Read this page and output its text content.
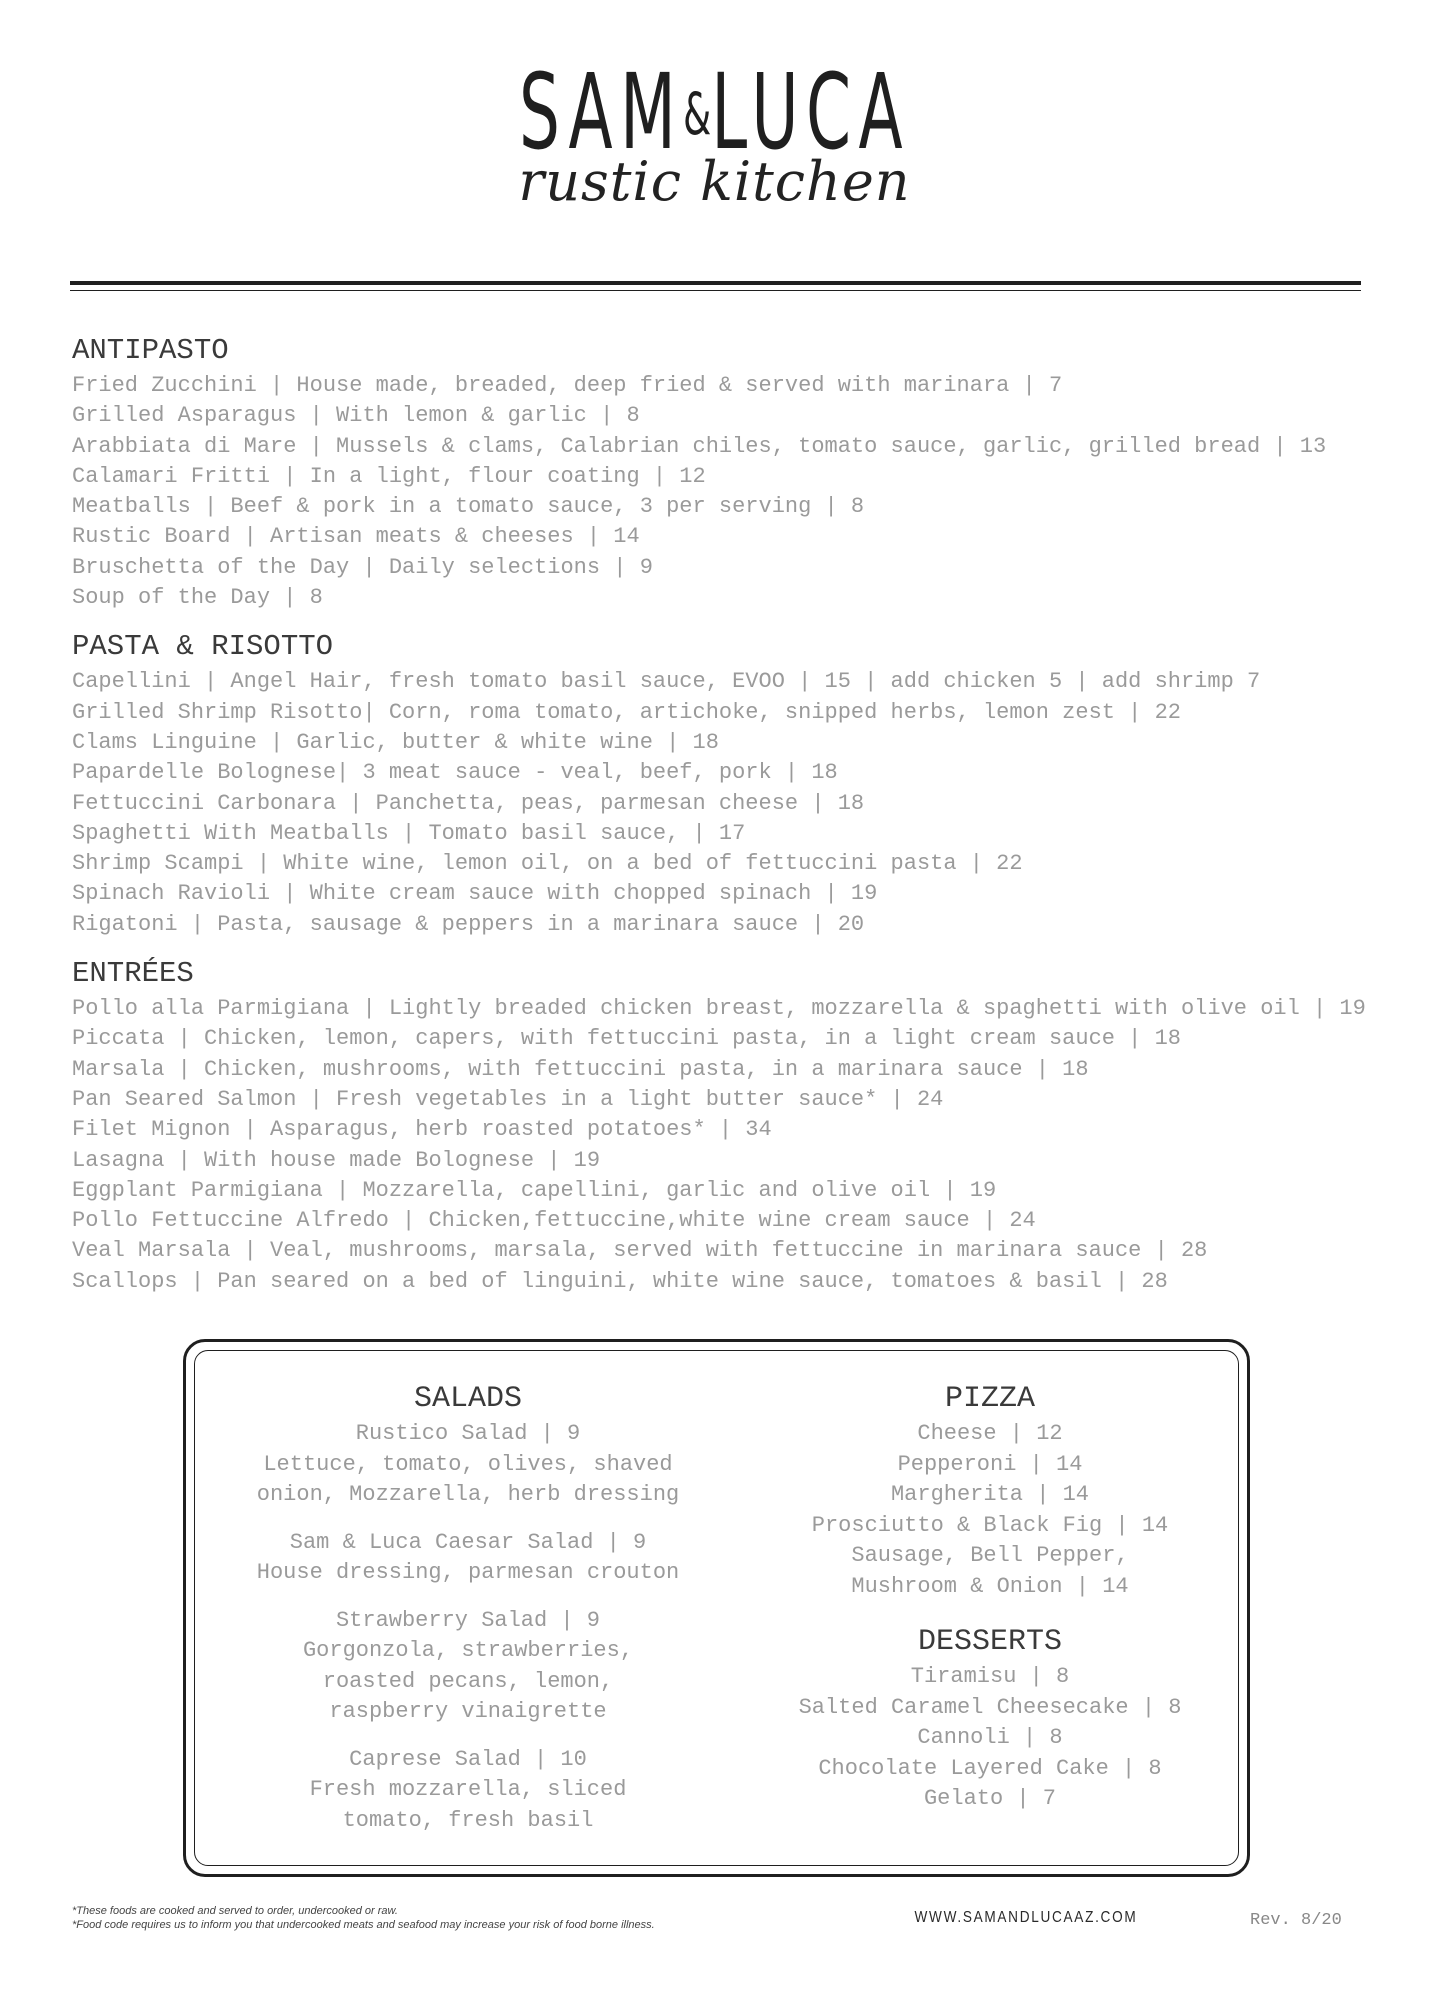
SAM&LUCA
rustic kitchen
ANTIPASTO
Fried Zucchini | House made, breaded, deep fried & served with marinara | 7
Grilled Asparagus | With lemon & garlic | 8
Arabbiata di Mare | Mussels & clams, Calabrian chiles, tomato sauce, garlic, grilled bread | 13
Calamari Fritti | In a light, flour coating | 12
Meatballs | Beef & pork in a tomato sauce, 3 per serving | 8
Rustic Board | Artisan meats & cheeses | 14
Bruschetta of the Day | Daily selections | 9
Soup of the Day | 8
PASTA & RISOTTO
Capellini | Angel Hair, fresh tomato basil sauce, EVOO | 15 | add chicken 5 | add shrimp 7
Grilled Shrimp Risotto| Corn, roma tomato, artichoke, snipped herbs, lemon zest | 22
Clams Linguine | Garlic, butter & white wine | 18
Papardelle Bolognese| 3 meat sauce - veal, beef, pork | 18
Fettuccini Carbonara | Panchetta, peas, parmesan cheese | 18
Spaghetti With Meatballs | Tomato basil sauce, | 17
Shrimp Scampi | White wine, lemon oil, on a bed of fettuccini pasta | 22
Spinach Ravioli | White cream sauce with chopped spinach | 19
Rigatoni | Pasta, sausage & peppers in a marinara sauce | 20
ENTRÉES
Pollo alla Parmigiana | Lightly breaded chicken breast, mozzarella & spaghetti with olive oil | 19
Piccata | Chicken, lemon, capers, with fettuccini pasta, in a light cream sauce | 18
Marsala | Chicken, mushrooms, with fettuccini pasta, in a marinara sauce | 18
Pan Seared Salmon | Fresh vegetables in a light butter sauce* | 24
Filet Mignon | Asparagus, herb roasted potatoes* | 34
Lasagna | With house made Bolognese | 19
Eggplant Parmigiana | Mozzarella, capellini, garlic and olive oil | 19
Pollo Fettuccine Alfredo | Chicken,fettuccine,white wine cream sauce | 24
Veal Marsala | Veal, mushrooms, marsala, served with fettuccine in marinara sauce | 28
Scallops | Pan seared on a bed of linguini, white wine sauce, tomatoes & basil | 28
SALADS
Rustico Salad | 9
Lettuce, tomato, olives, shaved
onion, Mozzarella, herb dressing
Sam & Luca Caesar Salad | 9
House dressing, parmesan crouton
Strawberry Salad | 9
Gorgonzola, strawberries,
roasted pecans, lemon,
raspberry vinaigrette
Caprese Salad | 10
Fresh mozzarella, sliced
tomato, fresh basil
PIZZA
Cheese | 12
Pepperoni | 14
Margherita | 14
Prosciutto & Black Fig | 14
Sausage, Bell Pepper,
Mushroom & Onion | 14
DESSERTS
Tiramisu | 8
Salted Caramel Cheesecake | 8
Cannoli | 8
Chocolate Layered Cake | 8
Gelato | 7
*These foods are cooked and served to order, undercooked or raw.
*Food code requires us to inform you that undercooked meats and seafood may increase your risk of food borne illness.	WWW.SAMANDLUCAAZ.COM	Rev. 8/20
